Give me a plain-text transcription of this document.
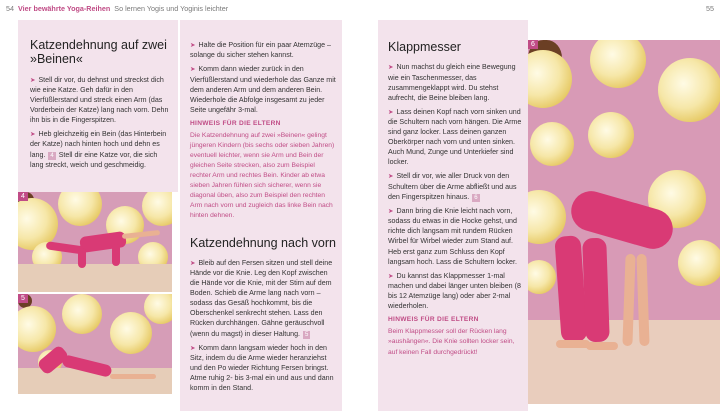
54 Vier bewährte Yoga-Reihen So lernen Yogis und Yoginis leichter	55
Katzendehnung auf zwei »Beinen«

➤ Stell dir vor, du dehnst und streckst dich wie eine Katze. Geh dafür in den Vierfüßlerstand und streck einen Arm (das Vorderbein der Katze) lang nach vorn. Dehn ihn bis in die Fingerspitzen.

➤ Heb gleichzeitig ein Bein (das Hinterbein der Katze) nach hinten hoch und dehn es lang. 4 Stell dir eine Katze vor, die sich lang streckt, weich und geschmeidig.

4
5

➤ Halte die Position für ein paar Atemzüge – solange du sicher stehen kannst.

➤ Komm dann wieder zurück in den Vierfüßlerstand und wiederhole das Ganze mit dem anderen Arm und dem anderen Bein. Wiederhole die Abfolge insgesamt zu jeder Seite ungefähr 3-mal.

HINWEIS FÜR DIE ELTERN
Die Katzendehnung auf zwei »Beinen« gelingt jüngeren Kindern (bis sechs oder sieben Jahren) eventuell leichter, wenn sie Arm und Bein der gleichen Seite strecken, also zum Beispiel rechter Arm und rechtes Bein. Kinder ab etwa sieben Jahren fühlen sich sicherer, wenn sie diagonal üben, also zum Beispiel den rechten Arm nach vorn und zugleich das linke Bein nach hinten dehnen.
Katzendehnung nach vorn

➤ Bleib auf den Fersen sitzen und stell deine Hände vor die Knie. Leg den Kopf zwischen die Hände vor die Knie, mit der Stirn auf dem Boden. Schieb die Arme lang nach vorn – sodass das Gesäß hochkommt, bis die Oberschenkel senkrecht stehen. Lass den Rücken durchhängen. Gähne geräuschvoll (wenn du magst) in dieser Haltung. 5

➤ Komm dann langsam wieder hoch in den Sitz, indem du die Arme wieder heranziehst und den Po wieder Richtung Fersen bringst. Atme ruhig 2- bis 3-mal ein und aus und dann komm in den Stand.

Klappmesser

➤ Nun machst du gleich eine Bewegung wie ein Taschenmesser, das zusammengeklappt wird. Du stehst aufrecht, die Beine bleiben lang.

➤ Lass deinen Kopf nach vorn sinken und die Schultern nach vorn hängen. Die Arme sind ganz locker. Lass deinen ganzen Oberkörper nach vorn und unten sinken. Auch Mund, Zunge und Unterkiefer sind locker.

➤ Stell dir vor, wie aller Druck von den Schultern über die Arme abfließt und aus den Fingerspitzen hinaus. 6

➤ Dann bring die Knie leicht nach vorn, sodass du etwas in die Hocke gehst, und richte dich langsam mit rundem Rücken Wirbel für Wirbel wieder zum Stand auf. Heb erst ganz zum Schluss den Kopf langsam hoch. Lass die Schultern locker.

➤ Du kannst das Klappmesser 1-mal machen und dabei länger unten bleiben (8 bis 12 Atemzüge lang) oder aber 2-mal wiederholen.

HINWEIS FÜR DIE ELTERN
Beim Klappmesser soll der Rücken lang »aushängen«. Die Knie sollten locker sein, auf keinen Fall durchgedrückt!
6
